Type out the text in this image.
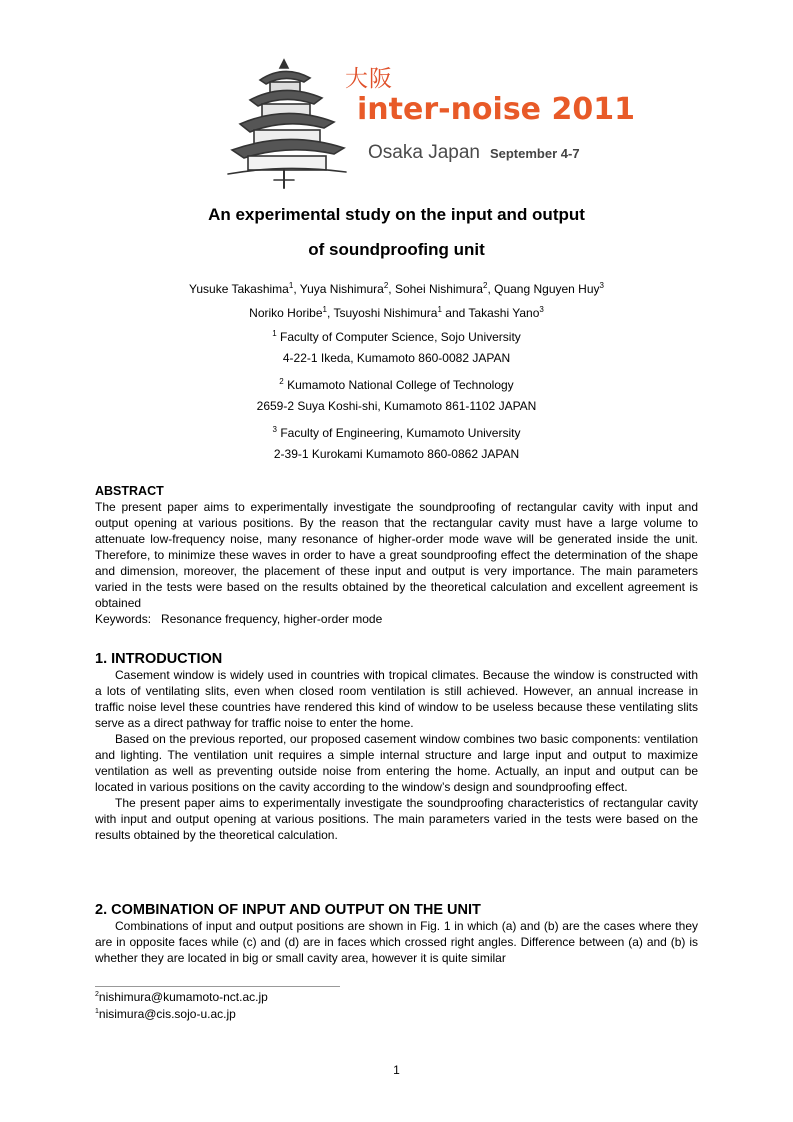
大阪
inter-noise 2011
Osaka Japan September 4-7
An experimental study on the input and output
of soundproofing unit
Yusuke Takashima$^1$, Yuya Nishimura$^2$, Sohei Nishimura$^2$, Quang Nguyen Huy$^3$
Noriko Horibe$^1$, Tsuyoshi Nishimura$^1$ and Takashi Yano$^3$
$^1$ Faculty of Computer Science, Sojo University
4-22-1 Ikeda, Kumamoto 860-0082 JAPAN
$^2$ Kumamoto National College of Technology
2659-2 Suya Koshi-shi, Kumamoto 861-1102 JAPAN
$^3$ Faculty of Engineering, Kumamoto University
2-39-1 Kurokami Kumamoto 860-0862 JAPAN
ABSTRACT

The present paper aims to experimentally investigate the soundproofing of rectangular cavity with input and output opening at various positions. By the reason that the rectangular cavity must have a large volume to attenuate low-frequency noise, many resonance of higher-order mode wave will be generated inside the unit. Therefore, to minimize these waves in order to have a great soundproofing effect the determination of the shape and dimension, moreover, the placement of these input and output is very importance. The main parameters varied in the tests were based on the results obtained by the theoretical calculation and excellent agreement is obtained

Keywords: Resonance frequency, higher-order mode

1. INTRODUCTION

Casement window is widely used in countries with tropical climates. Because the window is constructed with a lots of ventilating slits, even when closed room ventilation is still achieved. However, an annual increase in traffic noise level these countries have rendered this kind of window to be useless because these ventilating slits serve as a direct pathway for traffic noise to enter the home.

Based on the previous reported, our proposed casement window combines two basic components: ventilation and lighting. The ventilation unit requires a simple internal structure and large input and output to maximize ventilation as well as preventing outside noise from entering the home. Actually, an input and output can be located in various positions on the cavity according to the window’s design and soundproofing effect.

The present paper aims to experimentally investigate the soundproofing characteristics of rectangular cavity with input and output opening at various positions. The main parameters varied in the tests were based on the results obtained by the theoretical calculation.

2. COMBINATION OF INPUT AND OUTPUT ON THE UNIT

Combinations of input and output positions are shown in Fig. 1 in which (a) and (b) are the cases where they are in opposite faces while (c) and (d) are in faces which crossed right angles. Difference between (a) and (b) is whether they are located in big or small cavity area, however it is quite similar

$^2$nishimura@kumamoto-nct.ac.jp
$^1$nisimura@cis.sojo-u.ac.jp
1
